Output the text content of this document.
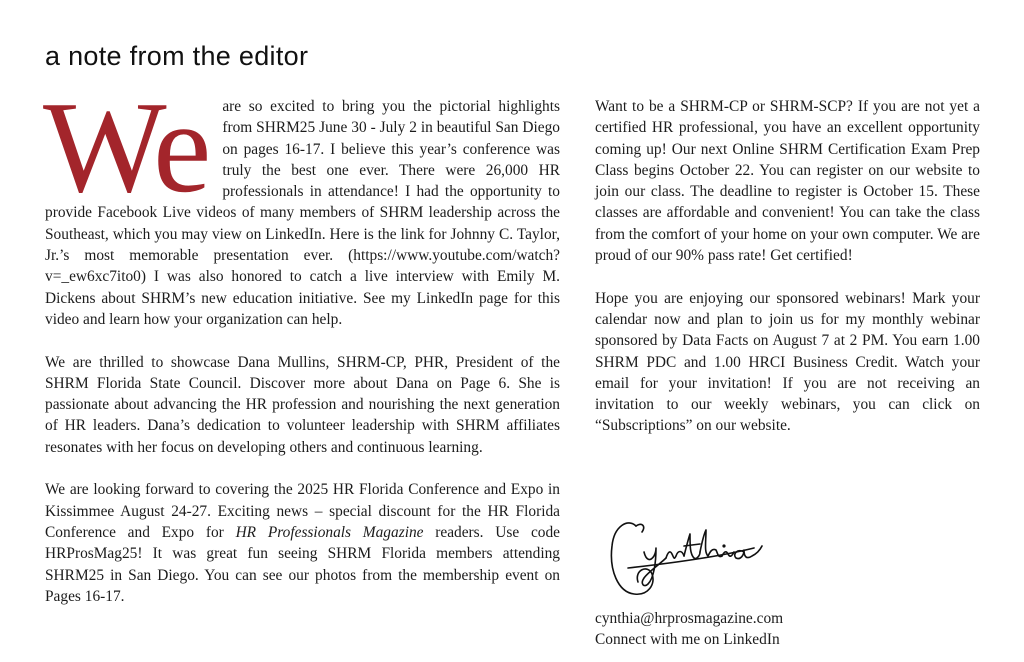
a note from the editor

We are so excited to bring you the pictorial highlights from SHRM25 June 30 - July 2 in beautiful San Diego on pages 16-17. I believe this year’s conference was truly the best one ever. There were 26,000 HR professionals in attendance! I had the opportunity to provide Facebook Live videos of many members of SHRM leadership across the Southeast, which you may view on LinkedIn. Here is the link for Johnny C. Taylor, Jr.’s most memorable presentation ever. (https://www.youtube.com/watch?v=_ew6xc7ito0) I was also honored to catch a live interview with Emily M. Dickens about SHRM’s new education initiative. See my LinkedIn page for this video and learn how your organization can help.

We are thrilled to showcase Dana Mullins, SHRM-CP, PHR, President of the SHRM Florida State Council. Discover more about Dana on Page 6. She is passionate about advancing the HR profession and nourishing the next generation of HR leaders. Dana’s dedication to volunteer leadership with SHRM affiliates resonates with her focus on developing others and continuous learning.

We are looking forward to covering the 2025 HR Florida Conference and Expo in Kissimmee August 24-27. Exciting news – special discount for the HR Florida Conference and Expo for HR Professionals Magazine readers. Use code HRProsMag25! It was great fun seeing SHRM Florida members attending SHRM25 in San Diego. You can see our photos from the membership event on Pages 16-17.

Want to be a SHRM-CP or SHRM-SCP? If you are not yet a certified HR professional, you have an excellent opportunity coming up! Our next Online SHRM Certification Exam Prep Class begins October 22. You can register on our website to join our class. The deadline to register is October 15. These classes are affordable and convenient! You can take the class from the comfort of your home on your own computer. We are proud of our 90% pass rate! Get certified!

Hope you are enjoying our sponsored webinars! Mark your calendar now and plan to join us for my monthly webinar sponsored by Data Facts on August 7 at 2 PM. You earn 1.00 SHRM PDC and 1.00 HRCI Business Credit. Watch your email for your invitation! If you are not receiving an invitation to our weekly webinars, you can click on “Subscriptions” on our website.

cynthia@hrprosmagazine.com
Connect with me on LinkedIn
